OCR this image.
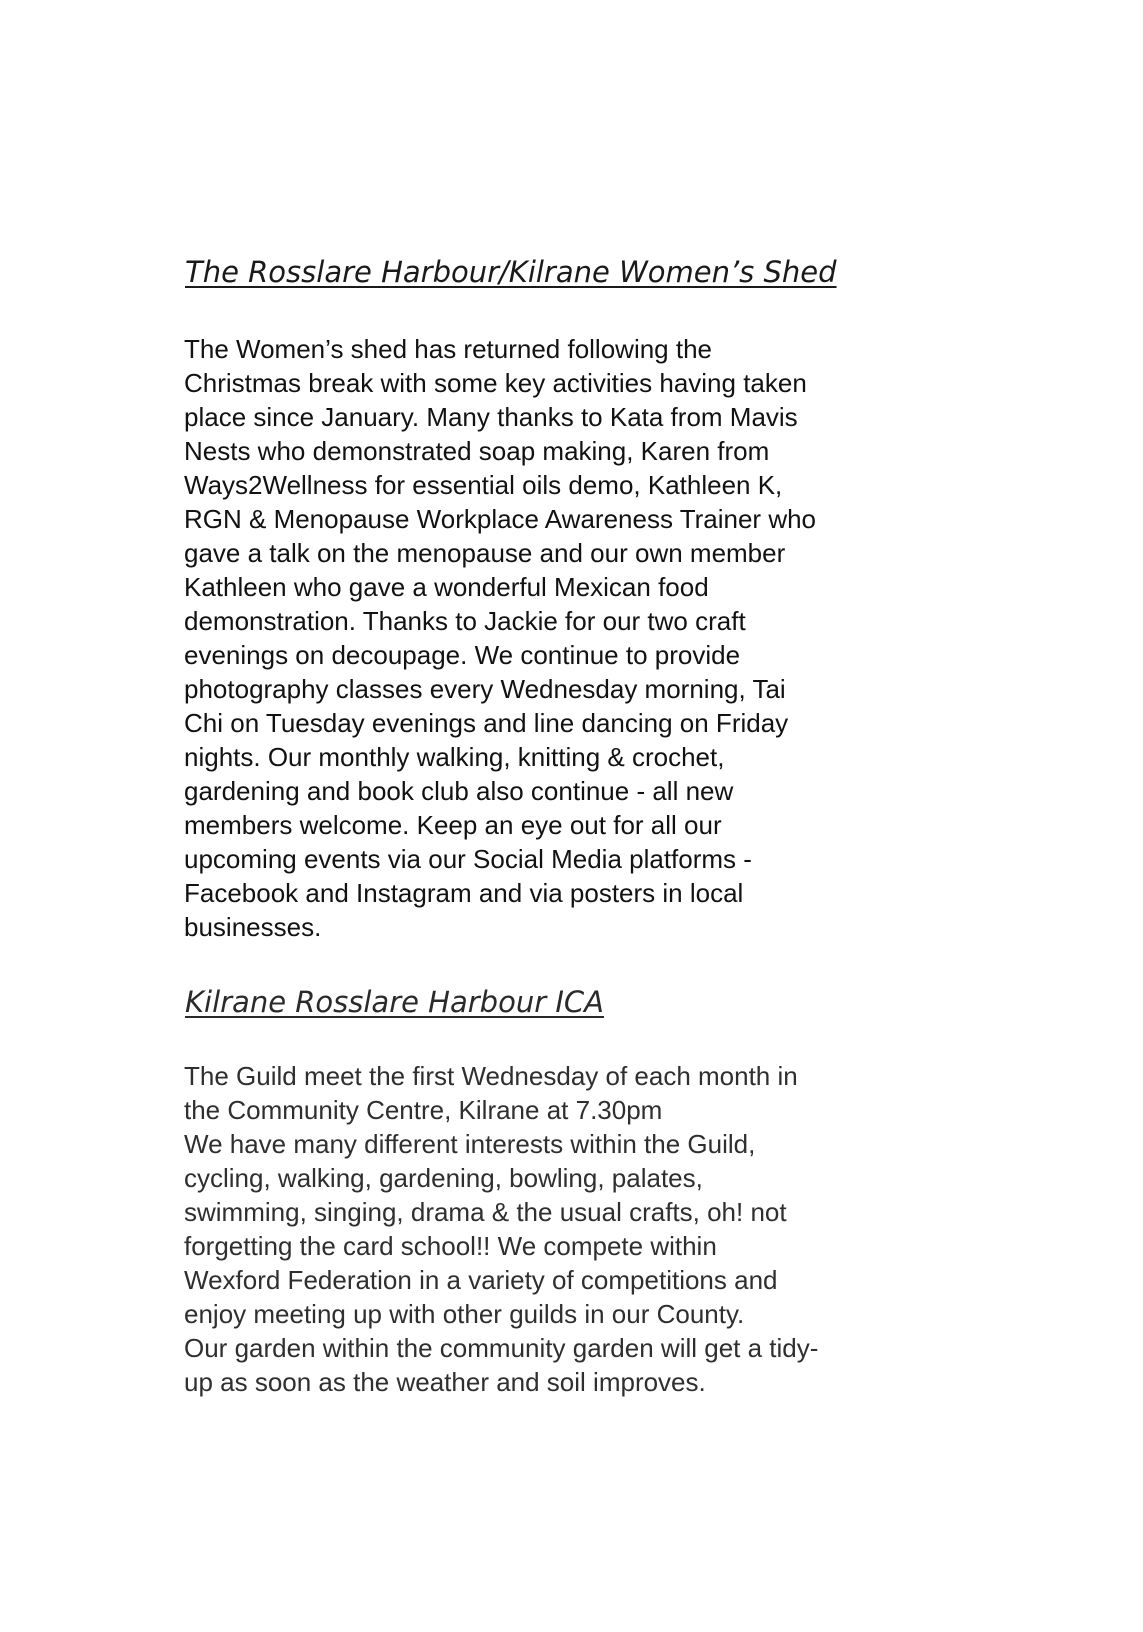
The Rosslare Harbour/Kilrane Women’s Shed
The Women’s shed has returned following the
Christmas break with some key activities having taken
place since January. Many thanks to Kata from Mavis
Nests who demonstrated soap making, Karen from
Ways2Wellness for essential oils demo, Kathleen K,
RGN & Menopause Workplace Awareness Trainer who
gave a talk on the menopause and our own member
Kathleen who gave a wonderful Mexican food
demonstration. Thanks to Jackie for our two craft
evenings on decoupage. We continue to provide
photography classes every Wednesday morning, Tai
Chi on Tuesday evenings and line dancing on Friday
nights. Our monthly walking, knitting & crochet,
gardening and book club also continue - all new
members welcome. Keep an eye out for all our
upcoming events via our Social Media platforms -
Facebook and Instagram and via posters in local
businesses.
Kilrane Rosslare Harbour ICA
The Guild meet the first Wednesday of each month in
the Community Centre, Kilrane at 7.30pm
We have many different interests within the Guild,
cycling, walking, gardening, bowling, palates,
swimming, singing, drama & the usual crafts, oh! not
forgetting the card school!! We compete within
Wexford Federation in a variety of competitions and
enjoy meeting up with other guilds in our County.
Our garden within the community garden will get a tidy-
up as soon as the weather and soil improves.
